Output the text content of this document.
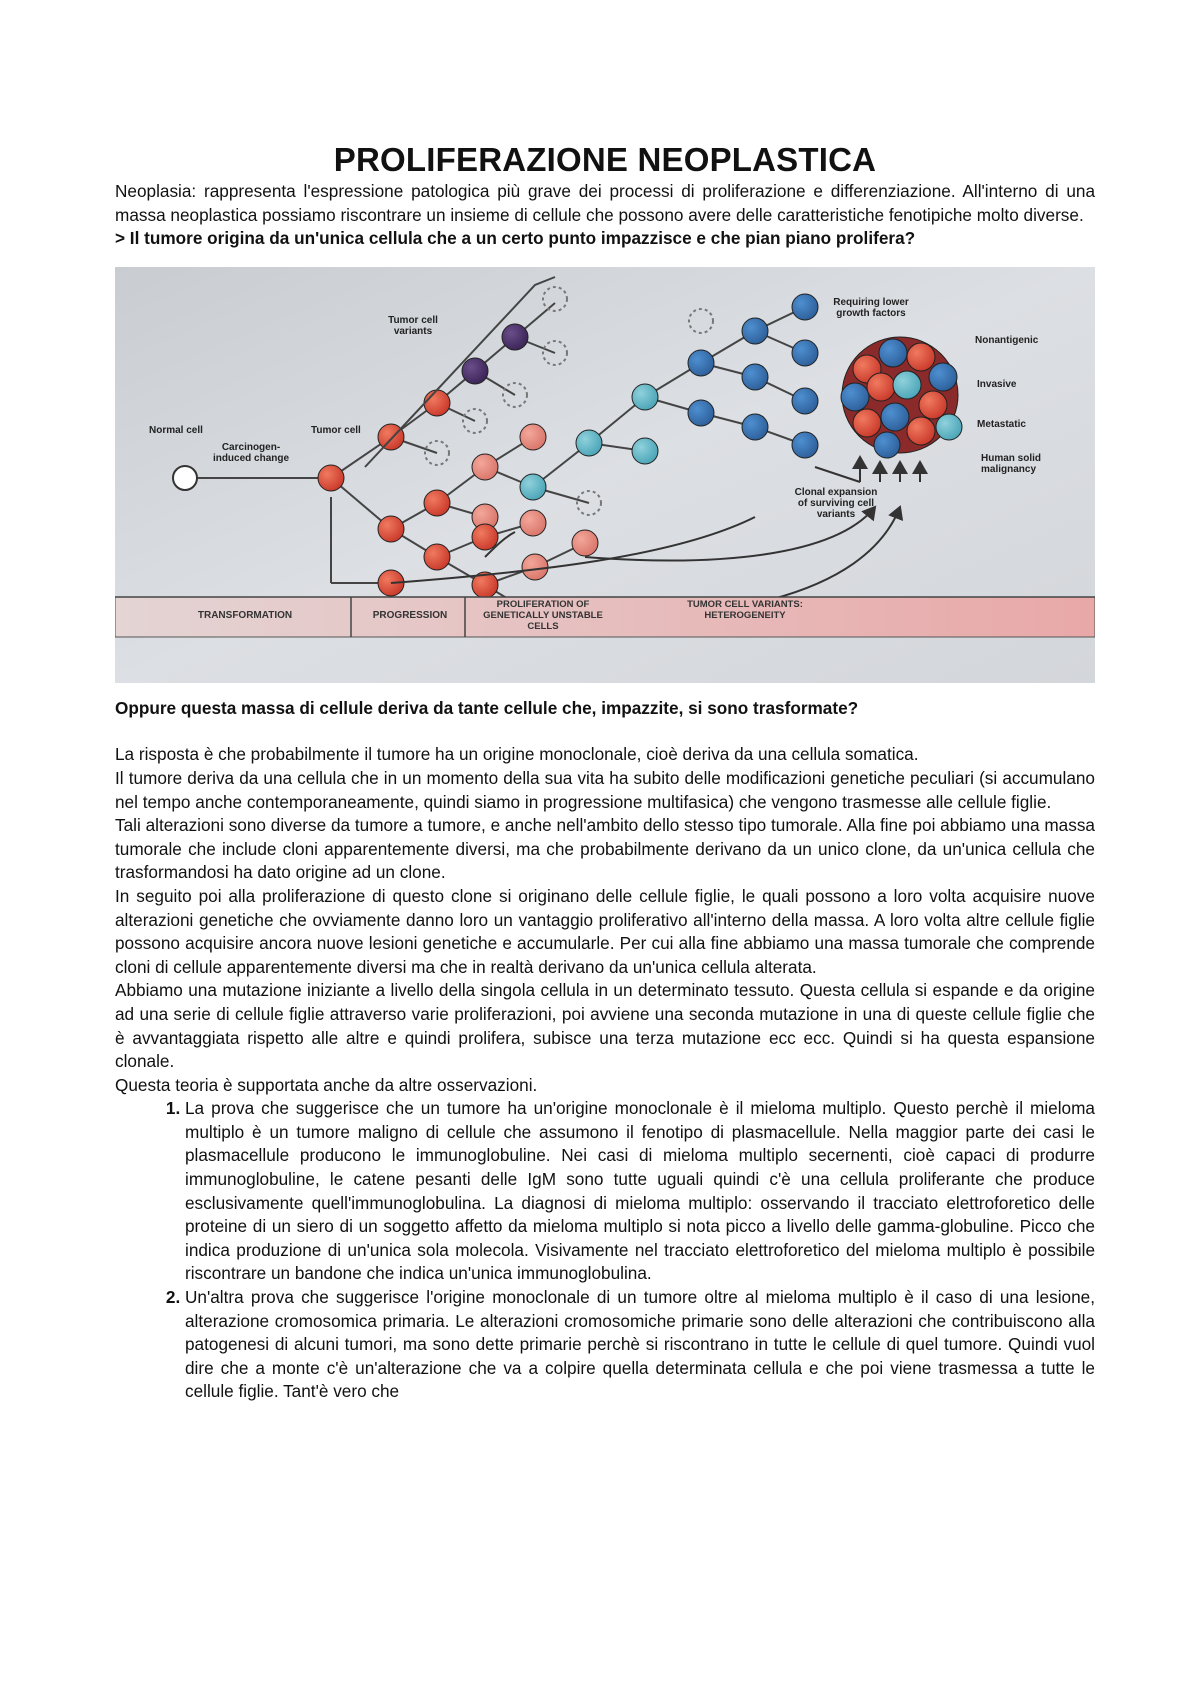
PROLIFERAZIONE NEOPLASTICA

Neoplasia: rappresenta l'espressione patologica più grave dei processi di proliferazione e differenziazione. All'interno di una massa neoplastica possiamo riscontrare un insieme di cellule che possono avere delle caratteristiche fenotipiche molto diverse.

> Il tumore origina da un'unica cellula che a un certo punto impazzisce e che pian piano prolifera?

Normal cell
Carcinogen-induced change
Tumor cell
Tumor cell variants
Requiring lower growth factors
Nonantigenic
Invasive
Metastatic
Human solid malignancy
Clonal expansion of surviving cell variants
TRANSFORMATION	PROGRESSION
PROLIFERATION OF GENETICALLY UNSTABLE CELLS
TUMOR CELL VARIANTS: HETEROGENEITY

Oppure questa massa di cellule deriva da tante cellule che, impazzite, si sono trasformate?

La risposta è che probabilmente il tumore ha un origine monoclonale, cioè deriva da una cellula somatica.

Il tumore deriva da una cellula che in un momento della sua vita ha subito delle modificazioni genetiche peculiari (si accumulano nel tempo anche contemporaneamente, quindi siamo in progressione multifasica) che vengono trasmesse alle cellule figlie.

Tali alterazioni sono diverse da tumore a tumore, e anche nell'ambito dello stesso tipo tumorale. Alla fine poi abbiamo una massa tumorale che include cloni apparentemente diversi, ma che probabilmente derivano da un unico clone, da un'unica cellula che trasformandosi ha dato origine ad un clone.

In seguito poi alla proliferazione di questo clone si originano delle cellule figlie, le quali possono a loro volta acquisire nuove alterazioni genetiche che ovviamente danno loro un vantaggio proliferativo all'interno della massa. A loro volta altre cellule figlie possono acquisire ancora nuove lesioni genetiche e accumularle. Per cui alla fine abbiamo una massa tumorale che comprende cloni di cellule apparentemente diversi ma che in realtà derivano da un'unica cellula alterata.

Abbiamo una mutazione iniziante a livello della singola cellula in un determinato tessuto. Questa cellula si espande e da origine ad una serie di cellule figlie attraverso varie proliferazioni, poi avviene una seconda mutazione in una di queste cellule figlie che è avvantaggiata rispetto alle altre e quindi prolifera, subisce una terza mutazione ecc ecc. Quindi si ha questa espansione clonale.

Questa teoria è supportata anche da altre osservazioni.

1. La prova che suggerisce che un tumore ha un'origine monoclonale è il mieloma multiplo. Questo perchè il mieloma multiplo è un tumore maligno di cellule che assumono il fenotipo di plasmacellule. Nella maggior parte dei casi le plasmacellule producono le immunoglobuline. Nei casi di mieloma multiplo secernenti, cioè capaci di produrre immunoglobuline, le catene pesanti delle IgM sono tutte uguali quindi c'è una cellula proliferante che produce esclusivamente quell'immunoglobulina. La diagnosi di mieloma multiplo: osservando il tracciato elettroforetico delle proteine di un siero di un soggetto affetto da mieloma multiplo si nota picco a livello delle gamma-globuline. Picco che indica produzione di un'unica sola molecola. Visivamente nel tracciato elettroforetico del mieloma multiplo è possibile riscontrare un bandone che indica un'unica immunoglobulina.
2. Un'altra prova che suggerisce l'origine monoclonale di un tumore oltre al mieloma multiplo è il caso di una lesione, alterazione cromosomica primaria. Le alterazioni cromosomiche primarie sono delle alterazioni che contribuiscono alla patogenesi di alcuni tumori, ma sono dette primarie perchè si riscontrano in tutte le cellule di quel tumore. Quindi vuol dire che a monte c'è un'alterazione che va a colpire quella determinata cellula e che poi viene trasmessa a tutte le cellule figlie. Tant'è vero che
